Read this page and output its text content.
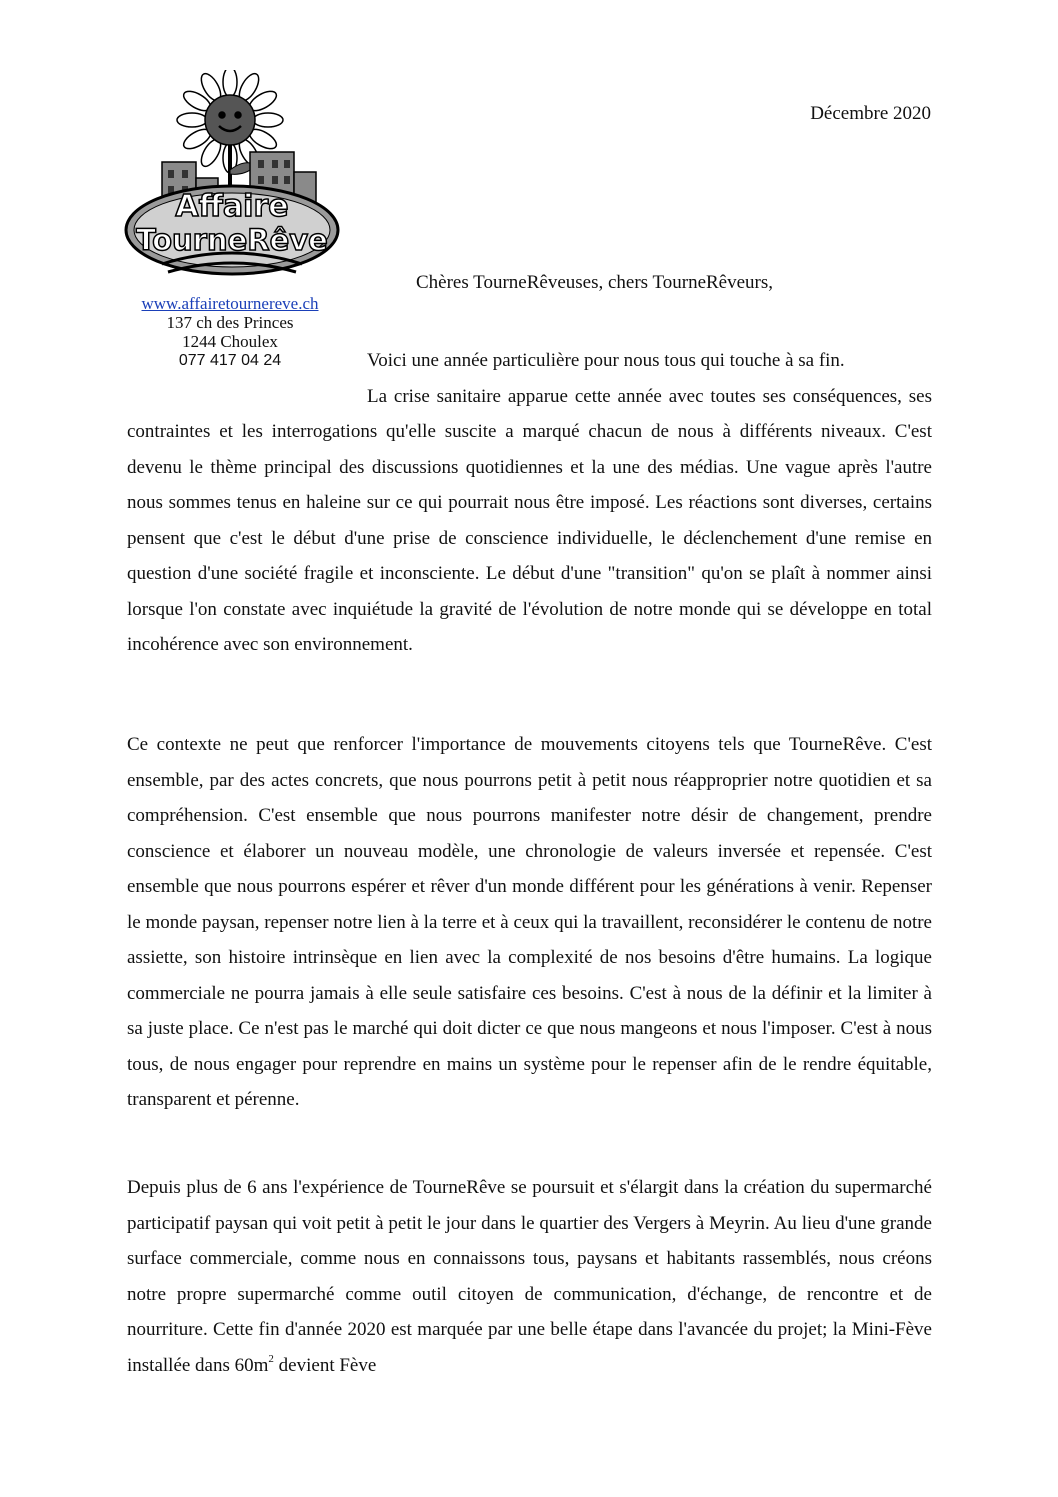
Affaire
TourneRêve
www.affairetournereve.ch
137 ch des Princes
1244 Choulex
077 417 04 24
Décembre 2020
Chères TourneRêveuses, chers TourneRêveurs,

Voici une année particulière pour nous tous qui touche à sa fin.

La crise sanitaire apparue cette année avec toutes ses conséquences, ses contraintes et les interrogations qu'elle suscite a marqué chacun de nous à différents niveaux. C'est devenu le thème principal des discussions quotidiennes et la une des médias. Une vague après l'autre nous sommes tenus en haleine sur ce qui pourrait nous être imposé. Les réactions sont diverses, certains pensent que c'est le début d'une prise de conscience individuelle, le déclenchement d'une remise en question d'une société fragile et inconsciente. Le début d'une "transition" qu'on se plaît à nommer ainsi lorsque l'on constate avec inquiétude la gravité de l'évolution de notre monde qui se développe en total incohérence avec son environnement.

Ce contexte ne peut que renforcer l'importance de mouvements citoyens tels que TourneRêve. C'est ensemble, par des actes concrets, que nous pourrons petit à petit nous réapproprier notre quotidien et sa compréhension. C'est ensemble que nous pourrons manifester notre désir de changement, prendre conscience et élaborer un nouveau modèle, une chronologie de valeurs inversée et repensée. C'est ensemble que nous pourrons espérer et rêver d'un monde différent pour les générations à venir. Repenser le monde paysan, repenser notre lien à la terre et à ceux qui la travaillent, reconsidérer le contenu de notre assiette, son histoire intrinsèque en lien avec la complexité de nos besoins d'être humains. La logique commerciale ne pourra jamais à elle seule satisfaire ces besoins. C'est à nous de la définir et la limiter à sa juste place. Ce n'est pas le marché qui doit dicter ce que nous mangeons et nous l'imposer. C'est à nous tous, de nous engager pour reprendre en mains un système pour le repenser afin de le rendre équitable, transparent et pérenne.

Depuis plus de 6 ans l'expérience de TourneRêve se poursuit et s'élargit dans la création du supermarché participatif paysan qui voit petit à petit le jour dans le quartier des Vergers à Meyrin. Au lieu d'une grande surface commerciale, comme nous en connaissons tous, paysans et habitants rassemblés, nous créons notre propre supermarché comme outil citoyen de communication, d'échange, de rencontre et de nourriture. Cette fin d'année 2020 est marquée par une belle étape dans l'avancée du projet; la Mini-Fève installée dans $60m^2$ devient Fève
